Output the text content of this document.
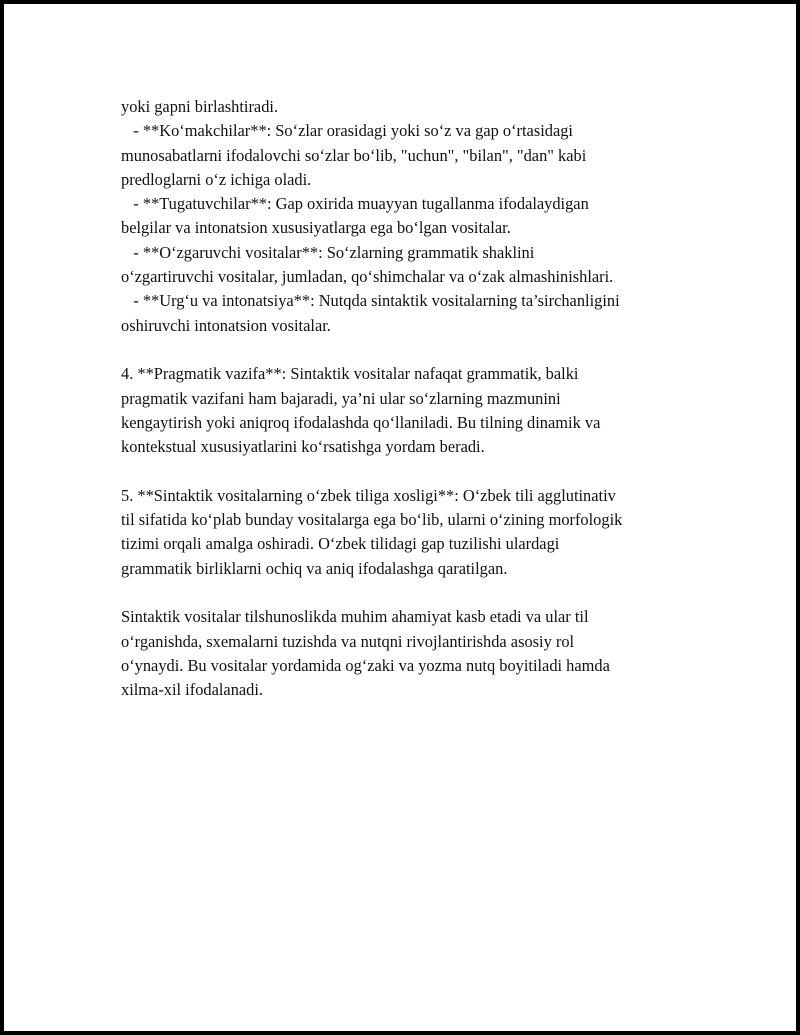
yoki gapni birlashtiradi.
- **Ko‘makchilar**: So‘zlar orasidagi yoki so‘z va gap o‘rtasidagi
munosabatlarni ifodalovchi so‘zlar bo‘lib, "uchun", "bilan", "dan" kabi
predloglarni o‘z ichiga oladi.
- **Tugatuvchilar**: Gap oxirida muayyan tugallanma ifodalaydigan
belgilar va intonatsion xususiyatlarga ega bo‘lgan vositalar.
- **O‘zgaruvchi vositalar**: So‘zlarning grammatik shaklini
o‘zgartiruvchi vositalar, jumladan, qo‘shimchalar va o‘zak almashinishlari.
- **Urg‘u va intonatsiya**: Nutqda sintaktik vositalarning ta’sirchanligini
oshiruvchi intonatsion vositalar.
4. **Pragmatik vazifa**: Sintaktik vositalar nafaqat grammatik, balki
pragmatik vazifani ham bajaradi, ya’ni ular so‘zlarning mazmunini
kengaytirish yoki aniqroq ifodalashda qo‘llaniladi. Bu tilning dinamik va
kontekstual xususiyatlarini ko‘rsatishga yordam beradi.
5. **Sintaktik vositalarning o‘zbek tiliga xosligi**: O‘zbek tili agglutinativ
til sifatida ko‘plab bunday vositalarga ega bo‘lib, ularni o‘zining morfologik
tizimi orqali amalga oshiradi. O‘zbek tilidagi gap tuzilishi ulardagi
grammatik birliklarni ochiq va aniq ifodalashga qaratilgan.
Sintaktik vositalar tilshunoslikda muhim ahamiyat kasb etadi va ular til
o‘rganishda, sxemalarni tuzishda va nutqni rivojlantirishda asosiy rol
o‘ynaydi. Bu vositalar yordamida og‘zaki va yozma nutq boyitiladi hamda
xilma-xil ifodalanadi.
